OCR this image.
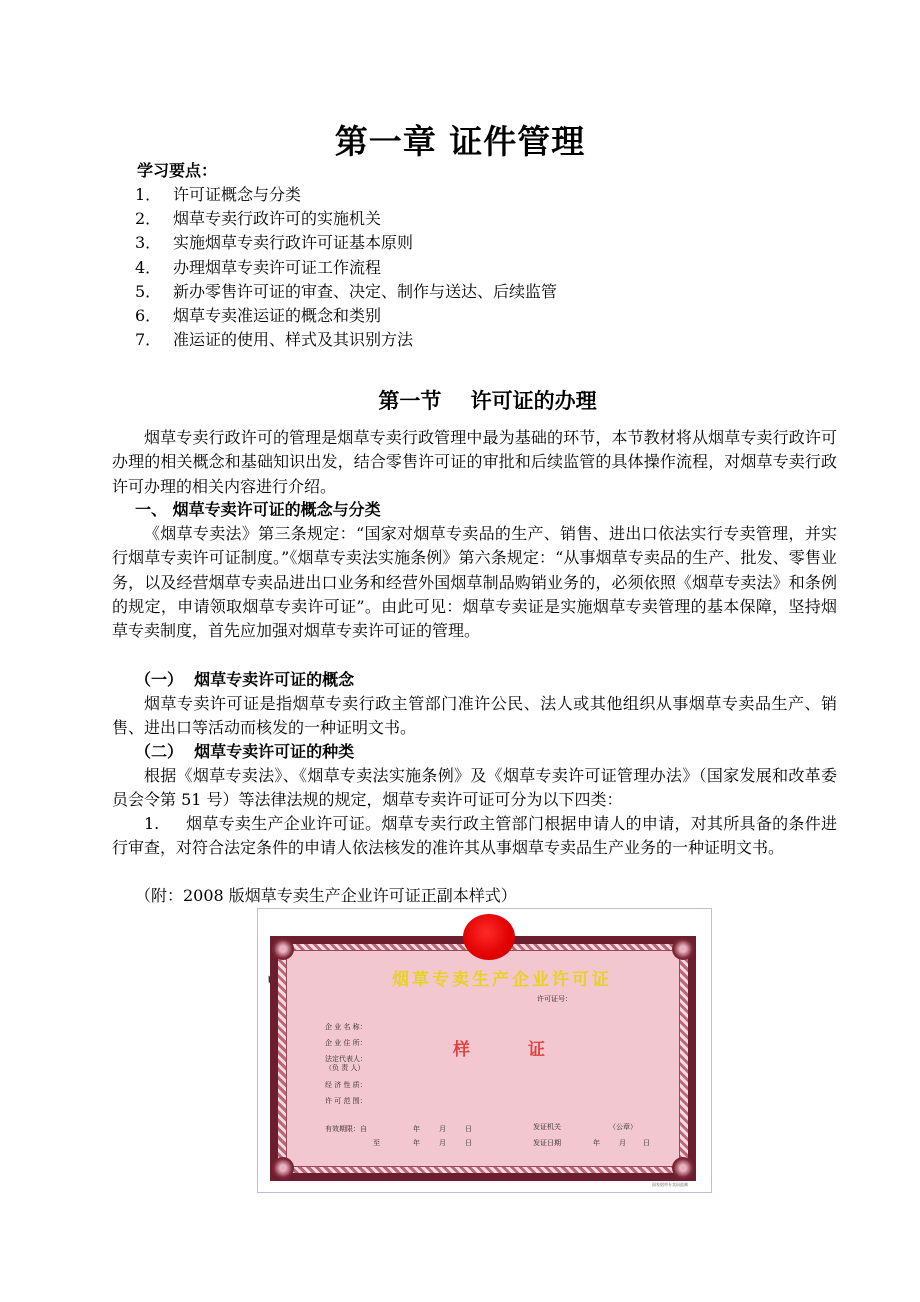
第一章 证件管理
学习要点：
1． 许可证概念与分类
2． 烟草专卖行政许可的实施机关
3． 实施烟草专卖行政许可证基本原则
4． 办理烟草专卖许可证工作流程
5． 新办零售许可证的审查、决定、制作与送达、后续监管
6． 烟草专卖准运证的概念和类别
7． 准运证的使用、样式及其识别方法
第一节    许可证的办理
烟草专卖行政许可的管理是烟草专卖行政管理中最为基础的环节，本节教材将从烟草专卖行政许可办理的相关概念和基础知识出发，结合零售许可证的审批和后续监管的具体操作流程，对烟草专卖行政许可办理的相关内容进行介绍。
一、 烟草专卖许可证的概念与分类
《烟草专卖法》第三条规定：“国家对烟草专卖品的生产、销售、进出口依法实行专卖管理，并实行烟草专卖许可证制度。”《烟草专卖法实施条例》第六条规定：“从事烟草专卖品的生产、批发、零售业务，以及经营烟草专卖品进出口业务和经营外国烟草制品购销业务的，必须依照《烟草专卖法》和条例的规定，申请领取烟草专卖许可证”。由此可见：烟草专卖证是实施烟草专卖管理的基本保障，坚持烟草专卖制度，首先应加强对烟草专卖许可证的管理。
（一）  烟草专卖许可证的概念
烟草专卖许可证是指烟草专卖行政主管部门准许公民、法人或其他组织从事烟草专卖品生产、销售、进出口等活动而核发的一种证明文书。
（二）  烟草专卖许可证的种类
根据《烟草专卖法》、《烟草专卖法实施条例》及《烟草专卖许可证管理办法》（国家发展和改革委员会令第 51 号）等法律法规的规定，烟草专卖许可证可分为以下四类：
1.     烟草专卖生产企业许可证。烟草专卖行政主管部门根据申请人的申请，对其所具备的条件进行审查，对符合法定条件的申请人依法核发的准许其从事烟草专卖品生产业务的一种证明文书。
（附：2008 版烟草专卖生产企业许可证正副本样式）
烟草专卖生产企业许可证
许可证号：
企 业 名 称：
企 业 住 所：
法定代表人：
（负 责 人）
经 济 性 质：
许 可 范 围：
样证
有效期限：自	年	月	日
至	年	月	日
发证机关	（公章）
发证日期	年	月 日
国家烟草专卖局监制
